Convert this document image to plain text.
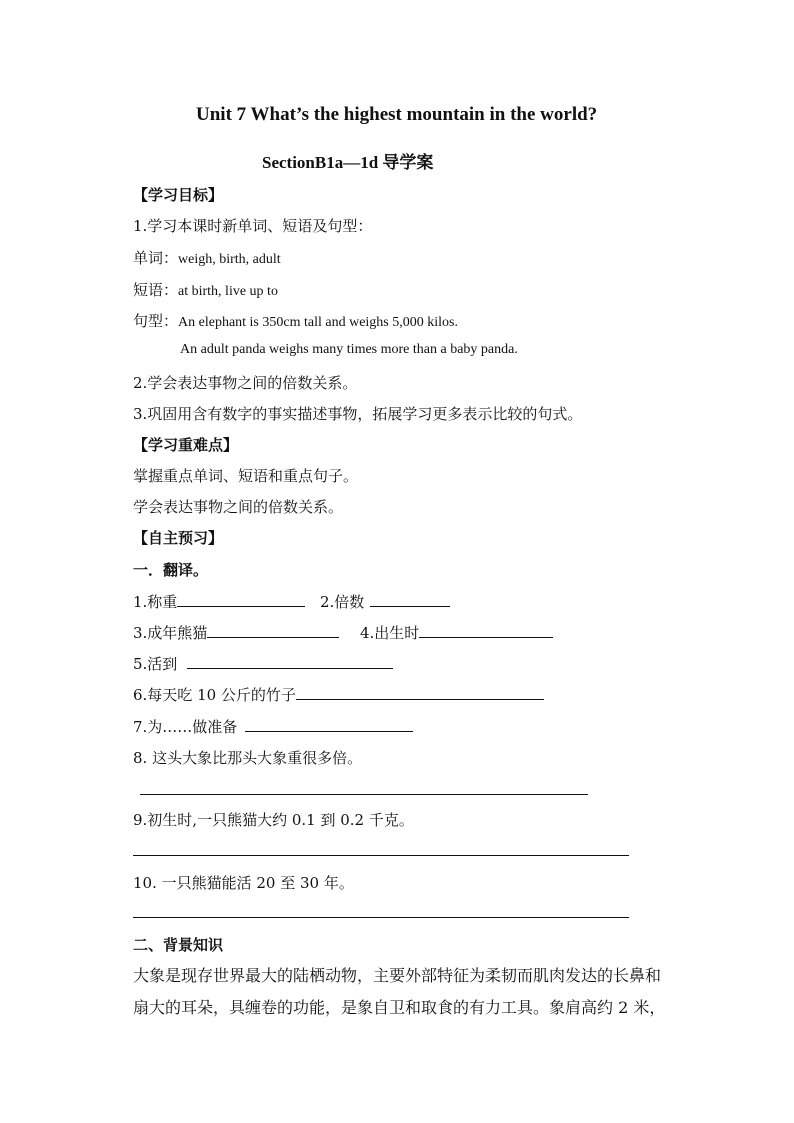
Unit 7 What’s the highest mountain in the world?
SectionB1a—1d 导学案
【学习目标】
1.学习本课时新单词、短语及句型：
单词：weigh, birth, adult
短语：at birth, live up to
句型：An elephant is 350cm tall and weighs 5,000 kilos.
An adult panda weighs many times more than a baby panda.
2.学会表达事物之间的倍数关系。
3.巩固用含有数字的事实描述事物，拓展学习更多表示比较的句式。
【学习重难点】
掌握重点单词、短语和重点句子。
学会表达事物之间的倍数关系。
【自主预习】
一．翻译。
1.称重	2.倍数
3.成年熊猫	4.出生时
5.活到
6.每天吃 10 公斤的竹子
7.为……做准备
8. 这头大象比那头大象重很多倍。
9.初生时,一只熊猫大约 0.1 到 0.2 千克。
10. 一只熊猫能活 20 至 30 年。
二、背景知识
大象是现存世界最大的陆栖动物，主要外部特征为柔韧而肌肉发达的长鼻和
扇大的耳朵，具缠卷的功能，是象自卫和取食的有力工具。象肩高约 2 米，
